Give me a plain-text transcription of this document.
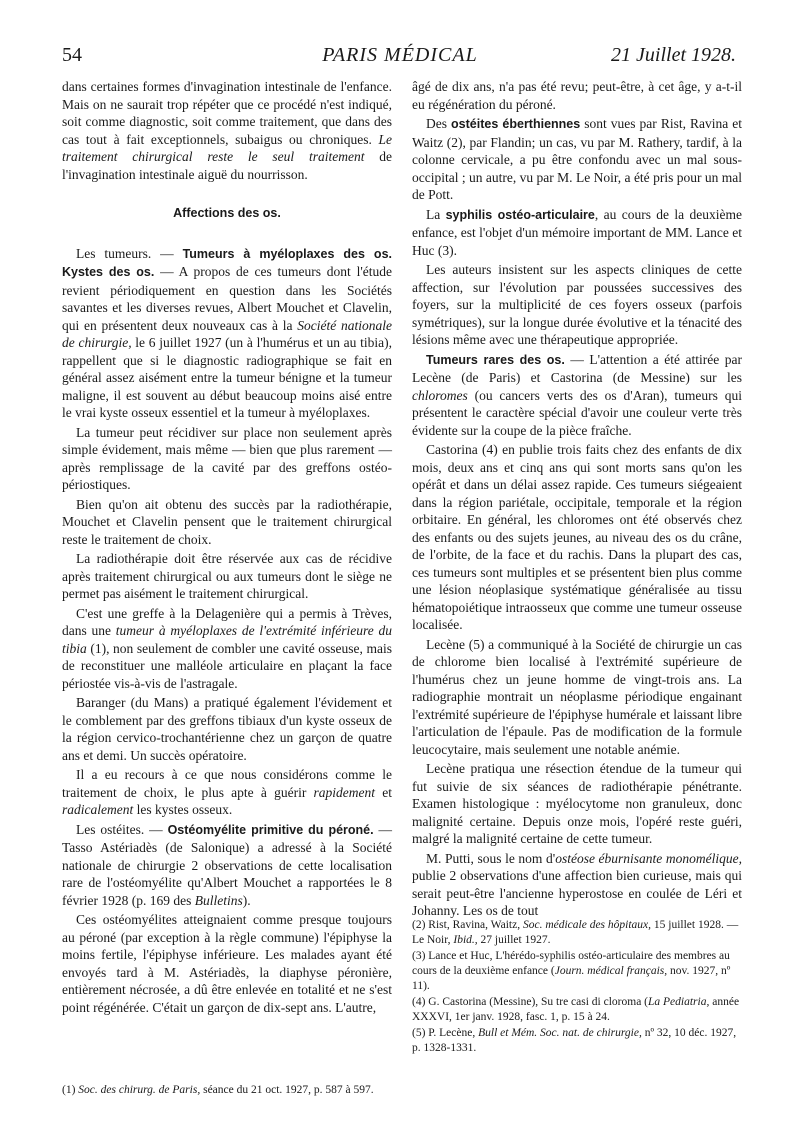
54	PARIS MÉDICAL	21 Juillet 1928.

dans certaines formes d'invagination intestinale de l'enfance. Mais on ne saurait trop répéter que ce procédé n'est indiqué, soit comme diagnostic, soit comme traitement, que dans des cas tout à fait exceptionnels, subaigus ou chroniques. Le traitement chirurgical reste le seul traitement de l'invagination intestinale aiguë du nourrisson.

Affections des os.

Les tumeurs. — Tumeurs à myéloplaxes des os. Kystes des os. — A propos de ces tumeurs dont l'étude revient périodiquement en question dans les Sociétés savantes et les diverses revues, Albert Mouchet et Clavelin, qui en présentent deux nouveaux cas à la Société nationale de chirurgie, le 6 juillet 1927 (un à l'humérus et un au tibia), rappellent que si le diagnostic radiographique se fait en général assez aisément entre la tumeur bénigne et la tumeur maligne, il est souvent au début beaucoup moins aisé entre le vrai kyste osseux essentiel et la tumeur à myéloplaxes.

La tumeur peut récidiver sur place non seulement après simple évidement, mais même — bien que plus rarement — après remplissage de la cavité par des greffons ostéo-périostiques.

Bien qu'on ait obtenu des succès par la radiothérapie, Mouchet et Clavelin pensent que le traitement chirurgical reste le traitement de choix.

La radiothérapie doit être réservée aux cas de récidive après traitement chirurgical ou aux tumeurs dont le siège ne permet pas aisément le traitement chirurgical.

C'est une greffe à la Delagenière qui a permis à Trèves, dans une tumeur à myéloplaxes de l'extrémité inférieure du tibia (1), non seulement de combler une cavité osseuse, mais de reconstituer une malléole articulaire en plaçant la face périostée vis-à-vis de l'astragale.

Baranger (du Mans) a pratiqué également l'évidement et le comblement par des greffons tibiaux d'un kyste osseux de la région cervico-trochantérienne chez un garçon de quatre ans et demi. Un succès opératoire.

Il a eu recours à ce que nous considérons comme le traitement de choix, le plus apte à guérir rapidement et radicalement les kystes osseux.

Les ostéites. — Ostéomyélite primitive du péroné. — Tasso Astériadès (de Salonique) a adressé à la Société nationale de chirurgie 2 observations de cette localisation rare de l'ostéomyélite qu'Albert Mouchet a rapportées le 8 février 1928 (p. 169 des Bulletins).

Ces ostéomyélites atteignaient comme presque toujours au péroné (par exception à la règle commune) l'épiphyse la moins fertile, l'épiphyse inférieure. Les malades ayant été envoyés tard à M. Astériadès, la diaphyse péronière, entièrement nécrosée, a dû être enlevée en totalité et ne s'est point régénérée. C'était un garçon de dix-sept ans. L'autre,

(1) Soc. des chirurg. de Paris, séance du 21 oct. 1927, p. 587 à 597.

âgé de dix ans, n'a pas été revu; peut-être, à cet âge, y a-t-il eu régénération du péroné.

Des ostéites éberthiennes sont vues par Rist, Ravina et Waitz (2), par Flandin; un cas, vu par M. Rathery, tardif, à la colonne cervicale, a pu être confondu avec un mal sous-occipital ; un autre, vu par M. Le Noir, a été pris pour un mal de Pott.

La syphilis ostéo-articulaire, au cours de la deuxième enfance, est l'objet d'un mémoire important de MM. Lance et Huc (3).

Les auteurs insistent sur les aspects cliniques de cette affection, sur l'évolution par poussées successives des foyers, sur la multiplicité de ces foyers osseux (parfois symétriques), sur la longue durée évolutive et la ténacité des lésions même avec une thérapeutique appropriée.

Tumeurs rares des os. — L'attention a été attirée par Lecène (de Paris) et Castorina (de Messine) sur les chloromes (ou cancers verts des os d'Aran), tumeurs qui présentent le caractère spécial d'avoir une couleur verte très évidente sur la coupe de la pièce fraîche.

Castorina (4) en publie trois faits chez des enfants de dix mois, deux ans et cinq ans qui sont morts sans qu'on les opérât et dans un délai assez rapide. Ces tumeurs siégeaient dans la région pariétale, occipitale, temporale et la région orbitaire. En général, les chloromes ont été observés chez des enfants ou des sujets jeunes, au niveau des os du crâne, de l'orbite, de la face et du rachis. Dans la plupart des cas, ces tumeurs sont multiples et se présentent bien plus comme une lésion néoplasique systématique généralisée au tissu hématopoiétique intraosseux que comme une tumeur osseuse localisée.

Lecène (5) a communiqué à la Société de chirurgie un cas de chlorome bien localisé à l'extrémité supérieure de l'humérus chez un jeune homme de vingt-trois ans. La radiographie montrait un néoplasme périodique engainant l'extrémité supérieure de l'épiphyse humérale et laissant libre l'articulation de l'épaule. Pas de modification de la formule leucocytaire, mais seulement une notable anémie.

Lecène pratiqua une résection étendue de la tumeur qui fut suivie de six séances de radiothérapie pénétrante. Examen histologique : myélocytome non granuleux, donc malignité certaine. Depuis onze mois, l'opéré reste guéri, malgré la malignité certaine de cette tumeur.

M. Putti, sous le nom d'ostéose éburnisante monomélique, publie 2 observations d'une affection bien curieuse, mais qui serait peut-être l'ancienne hyperostose en coulée de Léri et Johanny. Les os de tout

(2) Rist, Ravina, Waitz, Soc. médicale des hôpitaux, 15 juillet 1928. — Le Noir, Ibid., 27 juillet 1927.

(3) Lance et Huc, L'hérédo-syphilis ostéo-articulaire des membres au cours de la deuxième enfance (Journ. médical français, nov. 1927, nº 11).

(4) G. Castorina (Messine), Su tre casi di cloroma (La Pediatria, année XXXVI, 1er janv. 1928, fasc. 1, p. 15 à 24.

(5) P. Lecène, Bull et Mém. Soc. nat. de chirurgie, nº 32, 10 déc. 1927, p. 1328-1331.
